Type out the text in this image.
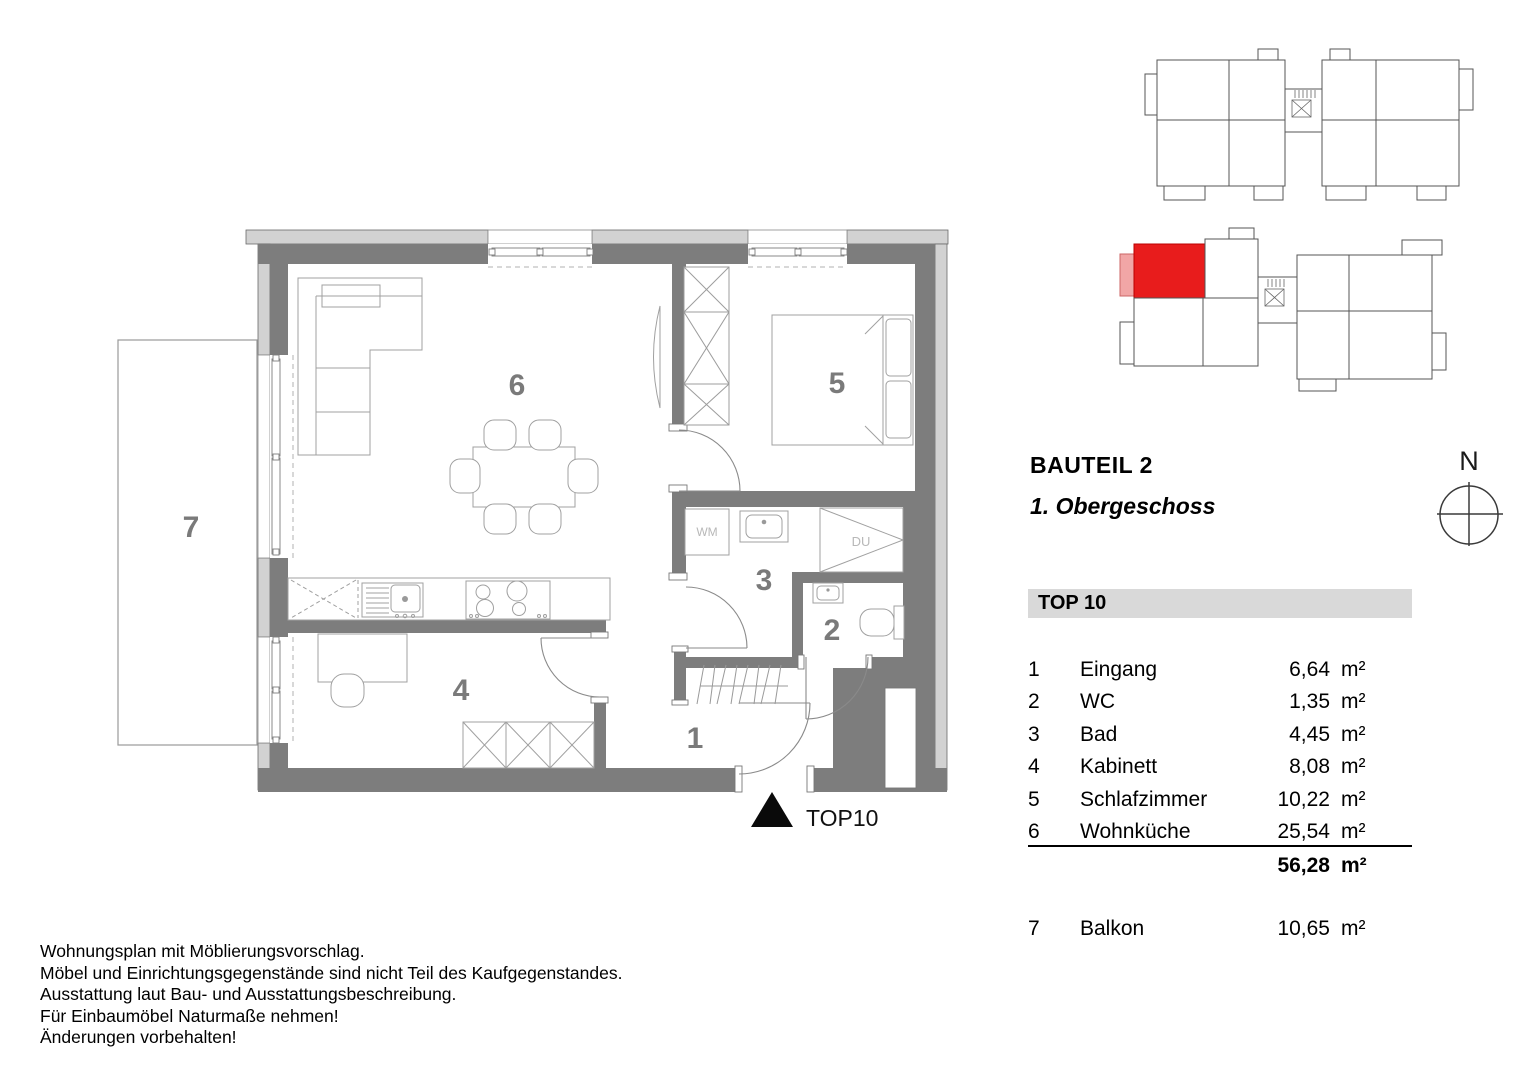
6	5
7
3
2
4
1
WM
DU
TOP10
N
BAUTEIL 2
1. Obergeschoss
TOP 10
1	Eingang	6,64 m²
2	WC	1,35 m²
3	Bad	4,45 m²
4	Kabinett	8,08 m²
5	Schlafzimmer	10,22 m²
6	Wohnküche	25,54 m²
56,28 m²
7	Balkon	10,65 m²
Wohnungsplan mit Möblierungsvorschlag.
Möbel und Einrichtungsgegenstände sind nicht Teil des Kaufgegenstandes.
Ausstattung laut Bau- und Ausstattungsbeschreibung.
Für Einbaumöbel Naturmaße nehmen!
Änderungen vorbehalten!
